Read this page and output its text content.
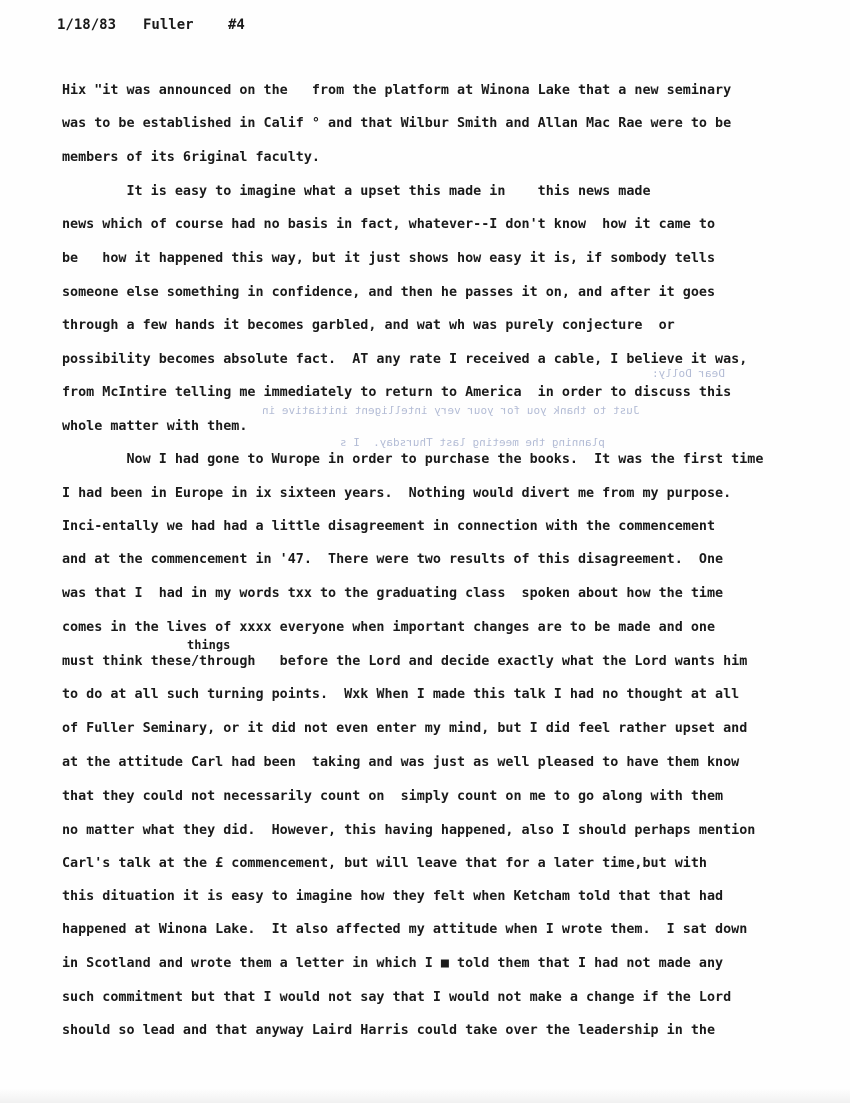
1/18/83 Fuller #4
Hix "it was announced on the   from the platform at Winona Lake that a new seminary
was to be established in Calif ° and that Wilbur Smith and Allan Mac Rae were to be
members of its 6riginal faculty.
It is easy to imagine what a upset this made in    this news made
news which of course had no basis in fact, whatever--I don't know  how it came to
be   how it happened this way, but it just shows how easy it is, if sombody tells
someone else something in confidence, and then he passes it on, and after it goes
through a few hands it becomes garbled, and wat wh was purely conjecture  or
possibility becomes absolute fact.  AT any rate I received a cable, I believe it was,
from McIntire telling me immediately to return to America  in order to discuss this
whole matter with them.
Now I had gone to Wurope in order to purchase the books.  It was the first time
I had been in Europe in ix sixteen years.  Nothing would divert me from my purpose.
Inci-entally we had had a little disagreement in connection with the commencement
and at the commencement in '47.  There were two results of this disagreement.  One
was that I  had in my words txx to the graduating class  spoken about how the time
comes in the lives of xxxx everyone when important changes are to be made and one
things
must think these/through   before the Lord and decide exactly what the Lord wants him
to do at all such turning points.  Wxk When I made this talk I had no thought at all
of Fuller Seminary, or it did not even enter my mind, but I did feel rather upset and
at the attitude Carl had been  taking and was just as well pleased to have them know
that they could not necessarily count on  simply count on me to go along with them
no matter what they did.  However, this having happened, also I should perhaps mention
Carl's talk at the £ commencement, but will leave that for a later time,but with
this dituation it is easy to imagine how they felt when Ketcham told that that had
happened at Winona Lake.  It also affected my attitude when I wrote them.  I sat down
in Scotland and wrote them a letter in which I ■ told them that I had not made any
such commitment but that I would not say that I would not make a change if the Lord
should so lead and that anyway Laird Harris could take over the leadership in the
Dear Dolly:
Just to thank you for your very intelligent initiative in
planning the meeting last Thursday.  I s
